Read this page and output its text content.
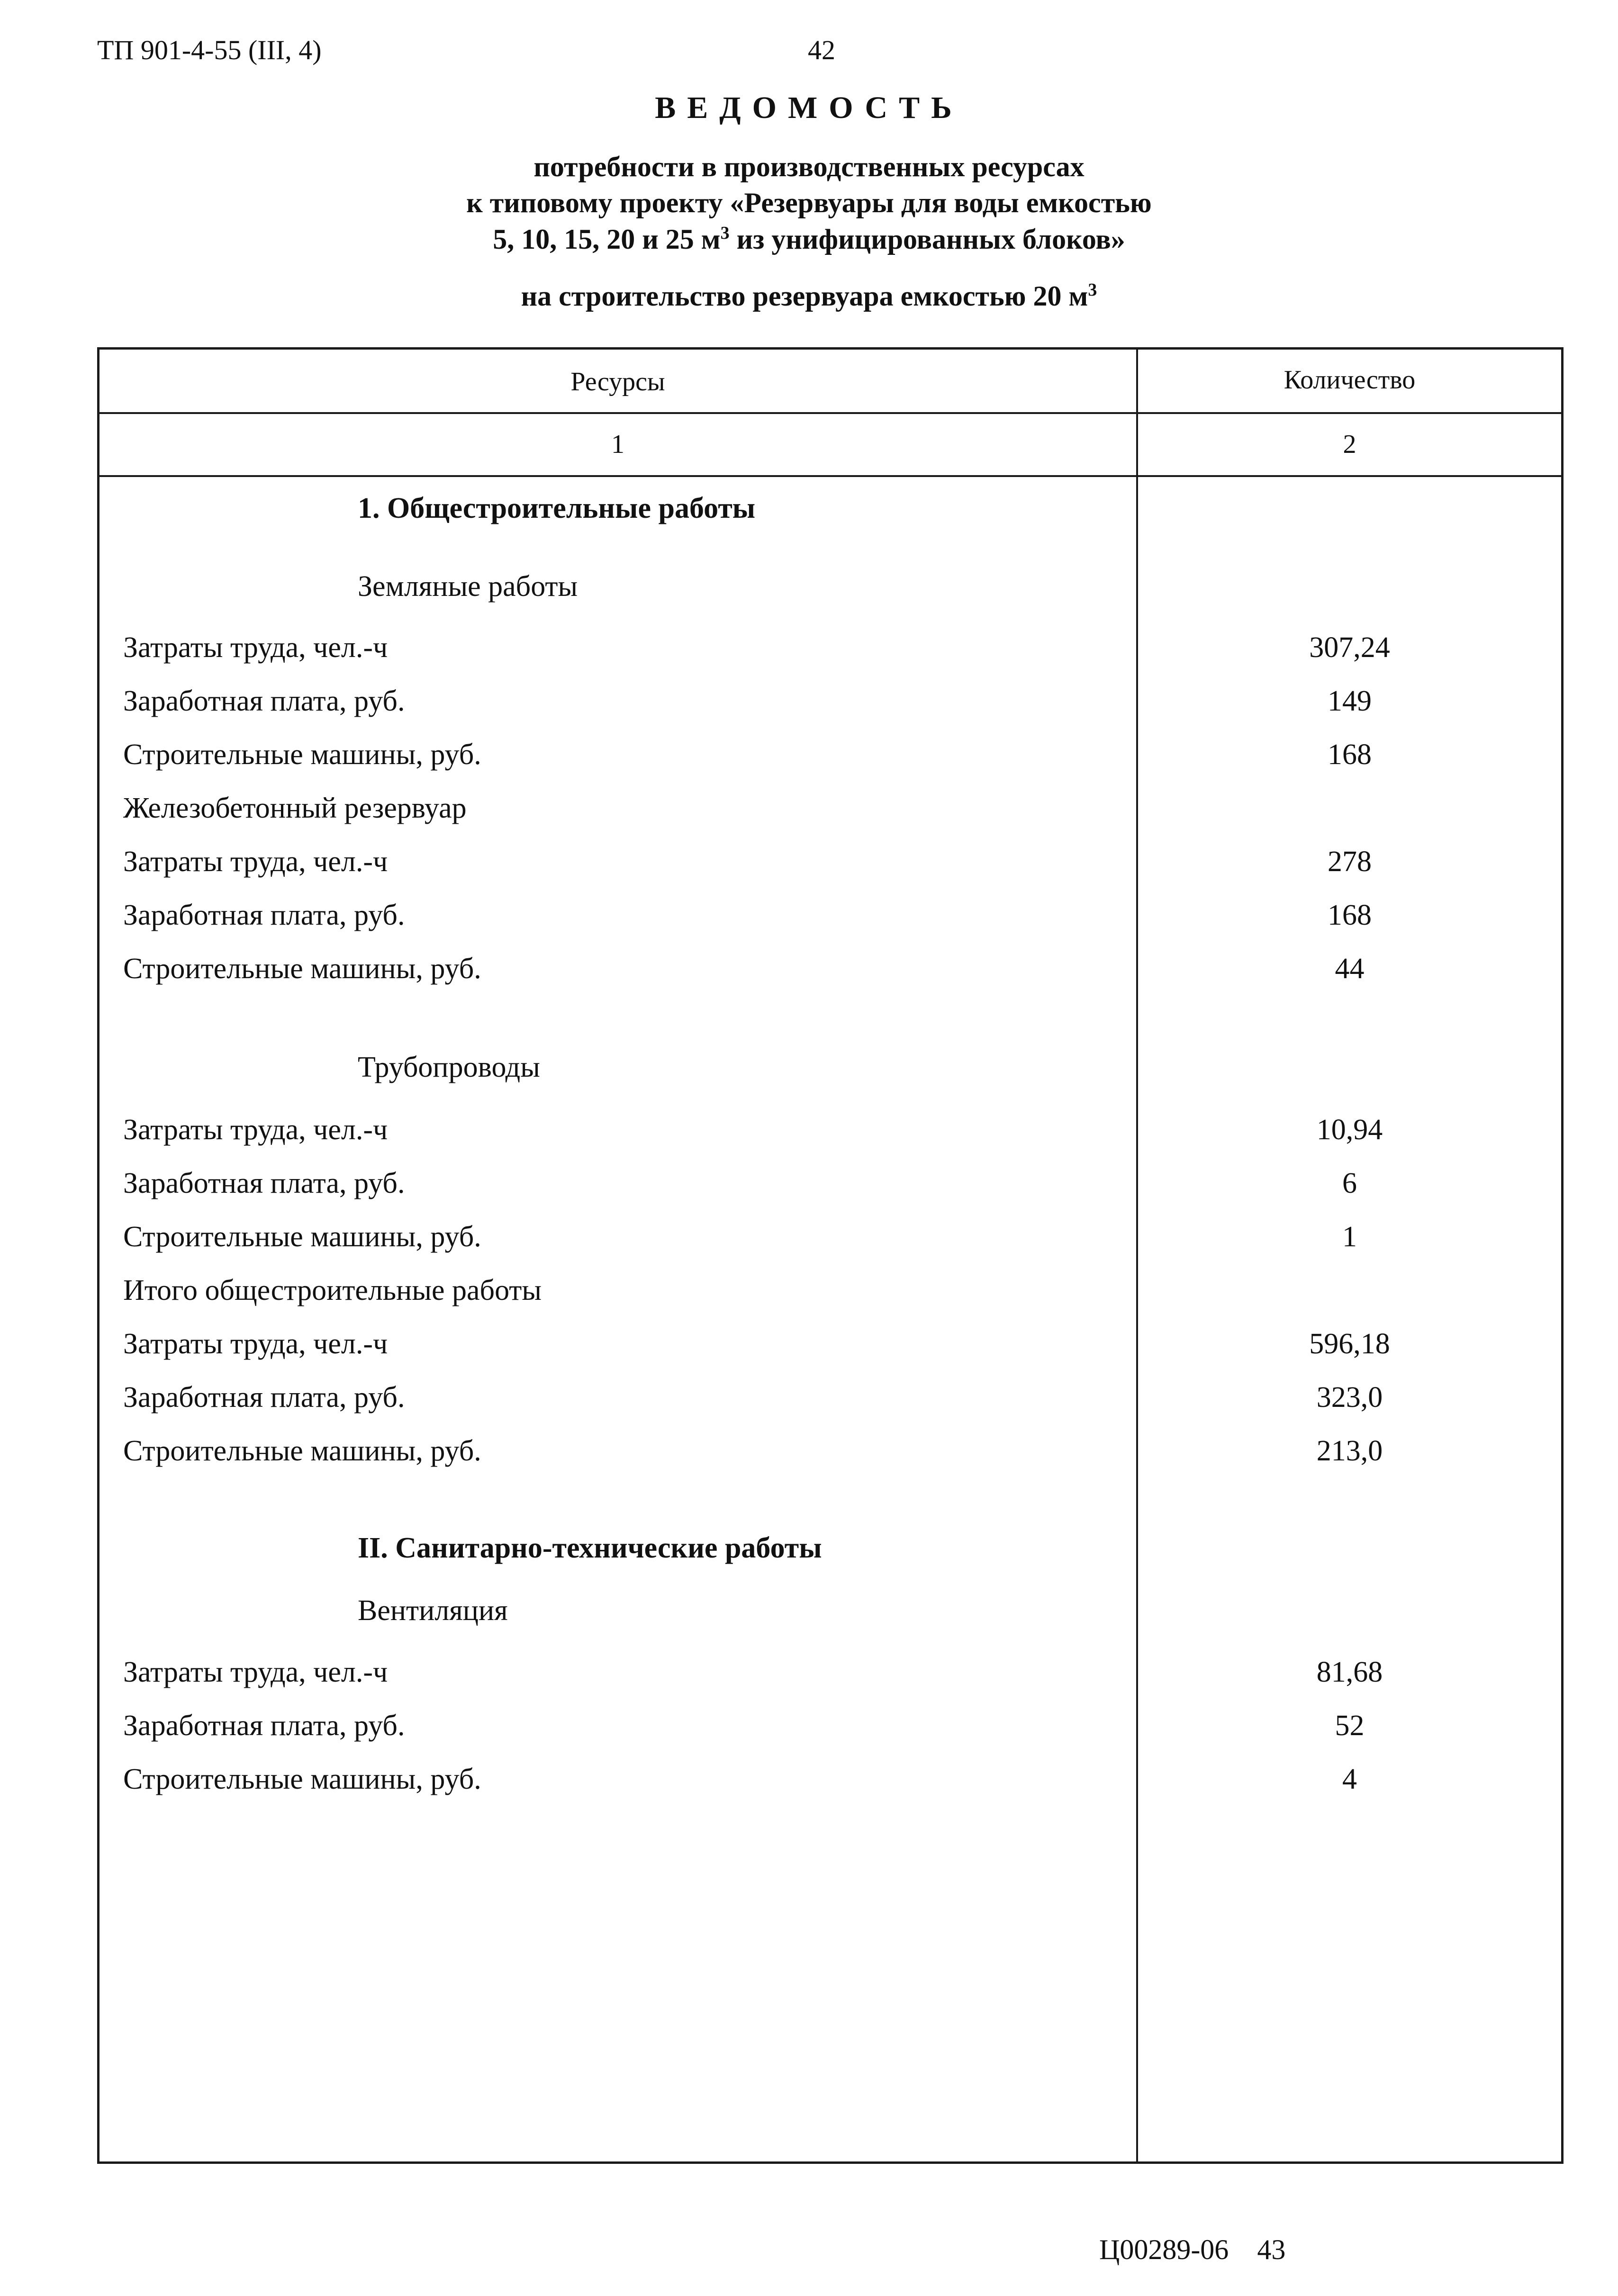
ТП 901-4-55 (III, 4)	42
ВЕДОМОСТЬ
потребности в производственных ресурсах
к типовому проекту «Резервуары для воды емкостью
5, 10, 15, 20 и 25 $м^3$ из унифицированных блоков»
на строительство резервуара емкостью 20 $м^3$
Ресурсы	Количество
1	2
1. Общестроительные работы
Земляные работы
Затраты труда, чел.-ч	307,24
Заработная плата, руб.	149
Строительные машины, руб.	168
Железобетонный резервуар
Затраты труда, чел.-ч	278
Заработная плата, руб.	168
Строительные машины, руб.	44
Трубопроводы
Затраты труда, чел.-ч	10,94
Заработная плата, руб.	6
Строительные машины, руб.	1
Итого общестроительные работы
Затраты труда, чел.-ч	596,18
Заработная плата, руб.	323,0
Строительные машины, руб.	213,0
II. Санитарно-технические работы
Вентиляция
Затраты труда, чел.-ч	81,68
Заработная плата, руб.	52
Строительные машины, руб.	4
Ц00289-06 43
